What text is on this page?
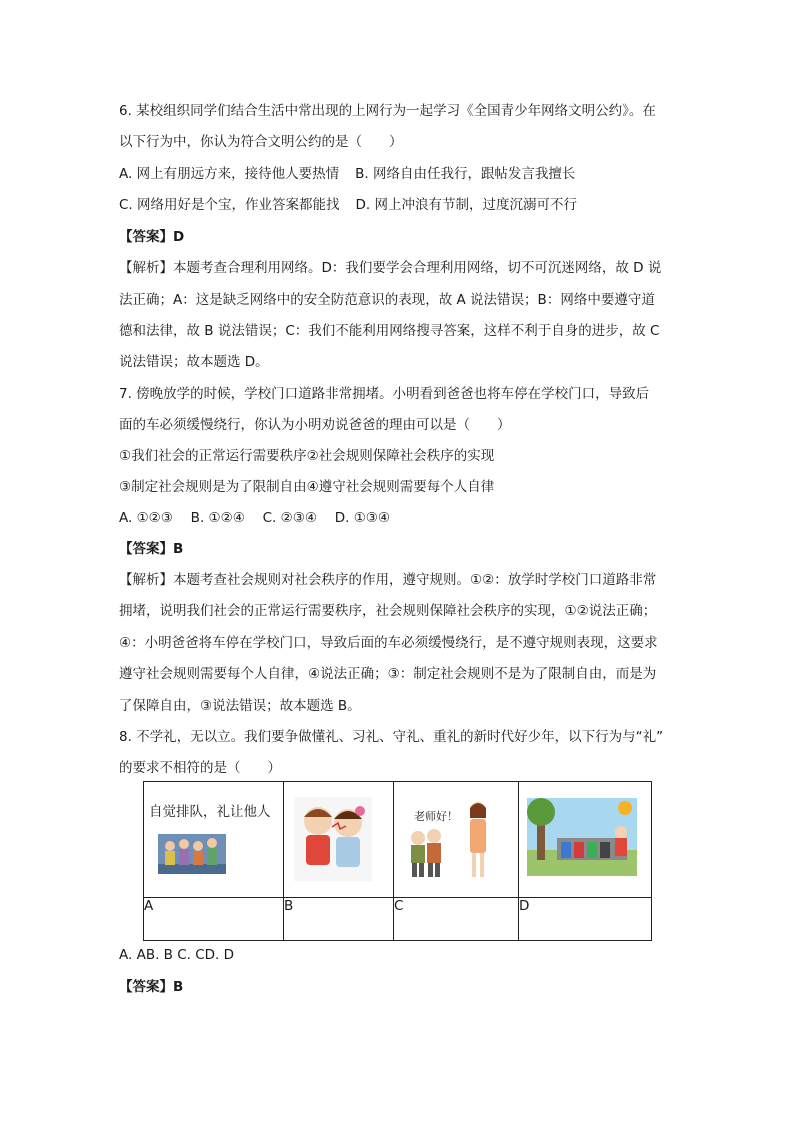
6. 某校组织同学们结合生活中常出现的上网行为一起学习《全国青少年网络文明公约》。在
以下行为中，你认为符合文明公约的是（　　）
A. 网上有朋远方来，接待他人要热情 B. 网络自由任我行，跟帖发言我擅长
C. 网络用好是个宝，作业答案都能找 D. 网上冲浪有节制，过度沉溺可不行
【答案】D
【解析】本题考查合理利用网络。D：我们要学会合理利用网络，切不可沉迷网络，故 D 说
法正确；A：这是缺乏网络中的安全防范意识的表现，故 A 说法错误；B：网络中要遵守道
德和法律，故 B 说法错误；C：我们不能利用网络搜寻答案，这样不利于自身的进步，故 C
说法错误；故本题选 D。
7. 傍晚放学的时候，学校门口道路非常拥堵。小明看到爸爸也将车停在学校门口，导致后
面的车必须缓慢绕行，你认为小明劝说爸爸的理由可以是（　　）
①我们社会的正常运行需要秩序②社会规则保障社会秩序的实现
③制定社会规则是为了限制自由④遵守社会规则需要每个人自律
A. ①②③　 B. ①②④　 C. ②③④　 D. ①③④
【答案】B
【解析】本题考查社会规则对社会秩序的作用，遵守规则。①②：放学时学校门口道路非常
拥堵，说明我们社会的正常运行需要秩序，社会规则保障社会秩序的实现，①②说法正确；
④：小明爸爸将车停在学校门口，导致后面的车必须缓慢绕行，是不遵守规则表现，这要求
遵守社会规则需要每个人自律，④说法正确；③：制定社会规则不是为了限制自由，而是为
了保障自由，③说法错误；故本题选 B。
8. 不学礼，无以立。我们要争做懂礼、习礼、守礼、重礼的新时代好少年，以下行为与“礼”
的要求不相符的是（　　）
自觉排队，礼让他人		老师好！

A	B	C	D
A. AB. B C. CD. D
【答案】B
